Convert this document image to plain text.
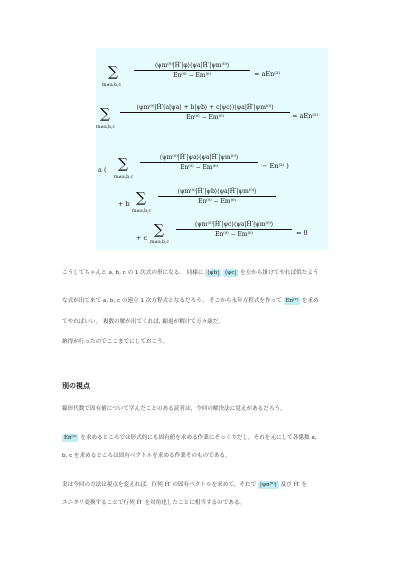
∑
m≠a,b,c
⟨ψm⁽⁰⁾|Ĥ′|φ⟩⟨ψa|Ĥ′|ψm⁽⁰⁾⟩
En⁽⁰⁾ − Em⁽⁰⁾	= aEn⁽²⁾
∑
m≠a,b,c
⟨ψm⁽⁰⁾|Ĥ′(a|ψa⟩ + b|ψb⟩ + c|ψc⟩)⟨ψa|Ĥ′|ψm⁽⁰⁾⟩
En⁽⁰⁾ − Em⁽⁰⁾	= aEn⁽²⁾
a ( ∑
m≠a,b,c
⟨ψm⁽⁰⁾|Ĥ′|ψa⟩⟨ψa|Ĥ′|ψm⁽⁰⁾⟩
En⁽⁰⁾ − Em⁽⁰⁾	− En⁽²⁾ )
+ b ∑
m≠a,b,c
⟨ψm⁽⁰⁾|Ĥ′|ψb⟩⟨ψa|Ĥ′|ψm⁽⁰⁾⟩
En⁽⁰⁾ − Em⁽⁰⁾
+ c ∑
m≠a,b,c
⟨ψm⁽⁰⁾|Ĥ′|ψc⟩⟨ψa|Ĥ′|ψm⁽⁰⁾⟩
En⁽⁰⁾ − Em⁽⁰⁾	= 0
こうしてちゃんと a, b, c の 1 次式の形になる。 同様に ⟨ψb| ⟨ψc| を左から掛けてやれば似たよう
な式が出て来て a, b, c の連立 1 次方程式となるだろう。 そこから永年方程式を作って En⁽²⁾ を求め
てやればいい。 複数の解が出てくれば, 縮退が解けて万々歳だ。
納得が行ったのでここまでにしておこう。
別の視点
線形代数で固有値について学んだことのある読者は，今回の解決法に覚えがあるだろう。
En⁽²⁾ を求めるところでは形式的にも固有値を求める作業にそっくりだし，それを元にして各係数 a,
b, c を求めるところは固有ベクトルを求める作業そのものである。
実は今回の方法は視点を変えれば，行列 Ĥ′ の固有ベクトルを求めて，それで |ψn⁽⁰⁾⟩ 及び Ĥ′ を
ユニタリ変換することで行列 Ĥ′ を対角化したことに相当するのである。
